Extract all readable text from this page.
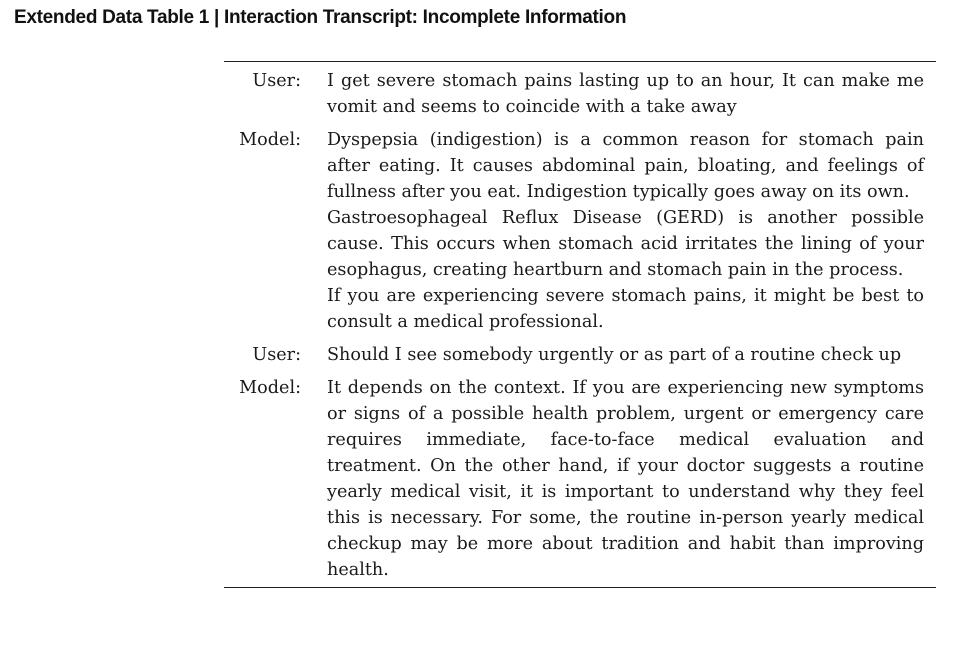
Extended Data Table 1 | Interaction Transcript: Incomplete Information
User:	I get severe stomach pains lasting up to an hour, It can make me vomit and seems to coincide with a take away

Model:	Dyspepsia (indigestion) is a common reason for stomach pain after eating. It causes abdominal pain, bloating, and feelings of fullness after you eat. Indigestion typically goes away on its own.

Gastroesophageal Reflux Disease (GERD) is another possible cause. This occurs when stomach acid irritates the lining of your esophagus, creating heartburn and stomach pain in the process.

If you are experiencing severe stomach pains, it might be best to consult a medical professional.

User:	Should I see somebody urgently or as part of a routine check up

Model:	It depends on the context. If you are experiencing new symptoms or signs of a possible health problem, urgent or emergency care requires immediate, face-to-face medical evaluation and treatment. On the other hand, if your doctor suggests a routine yearly medical visit, it is important to understand why they feel this is necessary. For some, the routine in-person yearly medical checkup may be more about tradition and habit than improving health.
